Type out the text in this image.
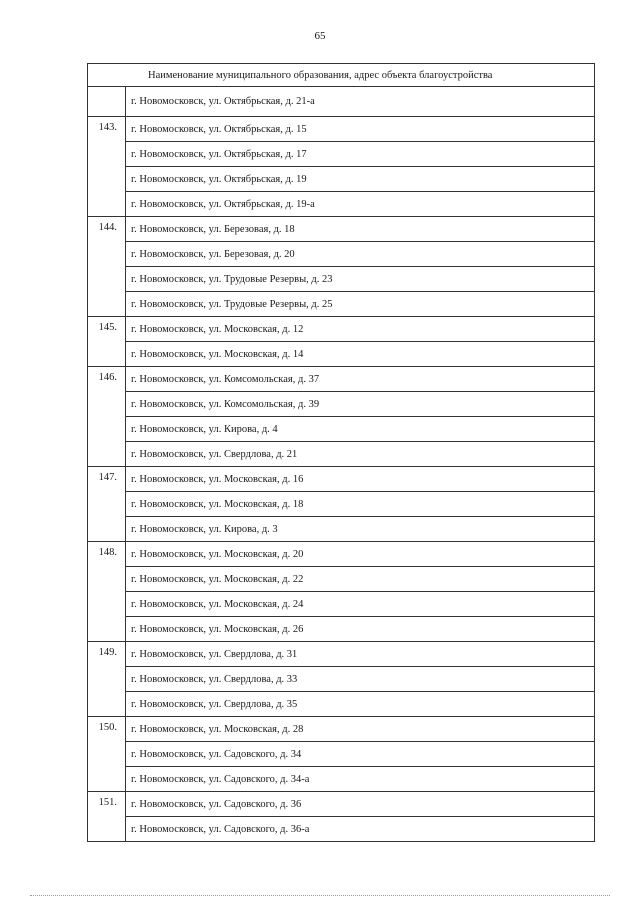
65
Наименование муниципального образования, адрес объекта благоустройства	
	г. Новомосковск, ул. Октябрьская, д. 21-а
143.	г. Новомосковск, ул. Октябрьская, д. 15
	г. Новомосковск, ул. Октябрьская, д. 17
	г. Новомосковск, ул. Октябрьская, д. 19
	г. Новомосковск, ул. Октябрьская, д. 19-а
144.	г. Новомосковск, ул. Березовая, д. 18
	г. Новомосковск, ул. Березовая, д. 20
	г. Новомосковск, ул. Трудовые Резервы, д. 23
	г. Новомосковск, ул. Трудовые Резервы, д. 25
145.	г. Новомосковск, ул. Московская, д. 12
	г. Новомосковск, ул. Московская, д. 14
146.	г. Новомосковск, ул. Комсомольская, д. 37
	г. Новомосковск, ул. Комсомольская, д. 39
	г. Новомосковск, ул. Кирова, д. 4
	г. Новомосковск, ул. Свердлова, д. 21
147.	г. Новомосковск, ул. Московская, д. 16
	г. Новомосковск, ул. Московская, д. 18
	г. Новомосковск, ул. Кирова, д. 3
148.	г. Новомосковск, ул. Московская, д. 20
	г. Новомосковск, ул. Московская, д. 22
	г. Новомосковск, ул. Московская, д. 24
	г. Новомосковск, ул. Московская, д. 26
149.	г. Новомосковск, ул. Свердлова, д. 31
	г. Новомосковск, ул. Свердлова, д. 33
	г. Новомосковск, ул. Свердлова, д. 35
150.	г. Новомосковск, ул. Московская, д. 28
	г. Новомосковск, ул. Садовского, д. 34
	г. Новомосковск, ул. Садовского, д. 34-а
151.	г. Новомосковск, ул. Садовского, д. 36
	г. Новомосковск, ул. Садовского, д. 36-а
